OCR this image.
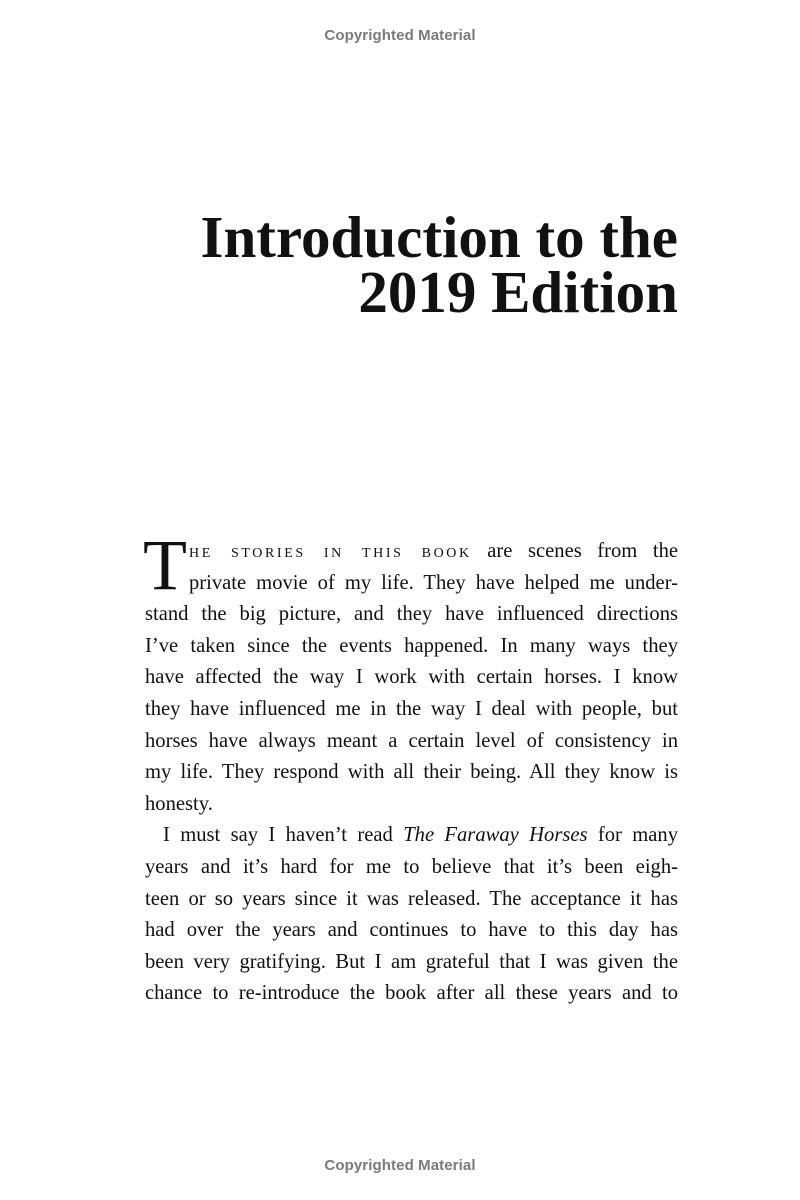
Copyrighted Material
Introduction to the
2019 Edition
T he stories in this book are scenes from the
private movie of my life. They have helped me under-
stand the big picture, and they have influenced directions
I’ve taken since the events happened. In many ways they
have affected the way I work with certain horses. I know
they have influenced me in the way I deal with people, but
horses have always meant a certain level of consistency in
my life. They respond with all their being. All they know is
honesty.
I must say I haven’t read The Faraway Horses for many
years and it’s hard for me to believe that it’s been eigh-
teen or so years since it was released. The acceptance it has
had over the years and continues to have to this day has
been very gratifying. But I am grateful that I was given the
chance to re-introduce the book after all these years and to
Copyrighted Material
